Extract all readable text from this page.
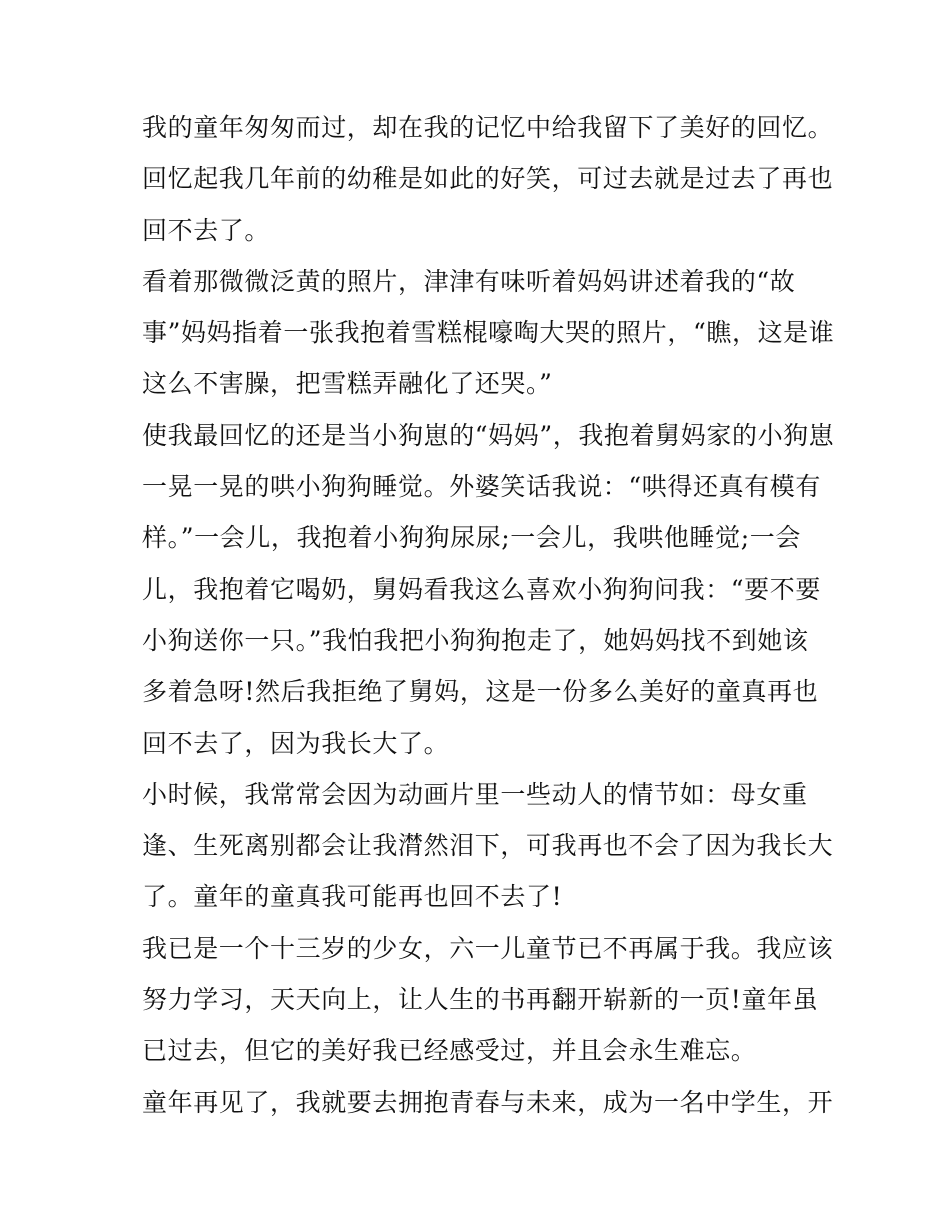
我的童年匆匆而过，却在我的记忆中给我留下了美好的回忆。
回忆起我几年前的幼稚是如此的好笑，可过去就是过去了再也
回不去了。
看着那微微泛黄的照片，津津有味听着妈妈讲述着我的“故
事”妈妈指着一张我抱着雪糕棍嚎啕大哭的照片，“瞧，这是谁
这么不害臊，把雪糕弄融化了还哭。”
使我最回忆的还是当小狗崽的“妈妈”，我抱着舅妈家的小狗崽
一晃一晃的哄小狗狗睡觉。外婆笑话我说：“哄得还真有模有
样。”一会儿，我抱着小狗狗尿尿;一会儿，我哄他睡觉;一会
儿，我抱着它喝奶，舅妈看我这么喜欢小狗狗问我：“要不要
小狗送你一只。”我怕我把小狗狗抱走了，她妈妈找不到她该
多着急呀!然后我拒绝了舅妈，这是一份多么美好的童真再也
回不去了，因为我长大了。
小时候，我常常会因为动画片里一些动人的情节如：母女重
逢、生死离别都会让我潸然泪下，可我再也不会了因为我长大
了。童年的童真我可能再也回不去了!
我已是一个十三岁的少女，六一儿童节已不再属于我。我应该
努力学习，天天向上，让人生的书再翻开崭新的一页!童年虽
已过去，但它的美好我已经感受过，并且会永生难忘。
童年再见了，我就要去拥抱青春与未来，成为一名中学生，开
